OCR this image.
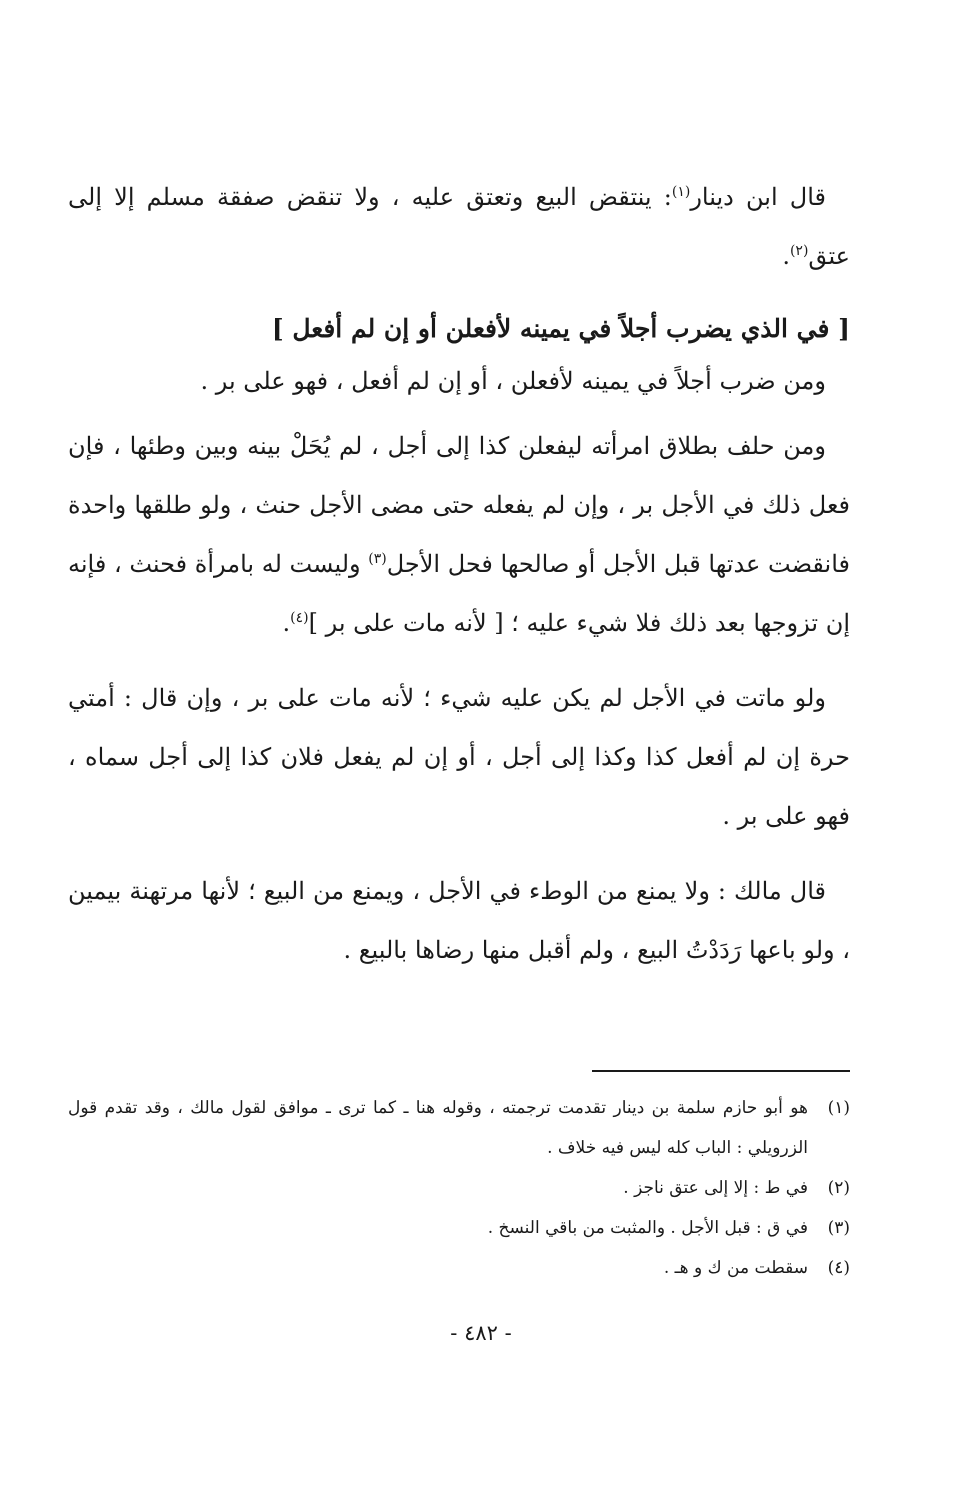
قال ابن دينار$^{(١)}$: ينتقض البيع وتعتق عليه ، ولا تنقض صفقة مسلم إلا إلى عتق$^{(٢)}$.

[ في الذي يضرب أجلاً في يمينه لأفعلن أو إن لم أفعل ]

ومن ضرب أجلاً في يمينه لأفعلن ، أو إن لم أفعل ، فهو على بر .

ومن حلف بطلاق امرأته ليفعلن كذا إلى أجل ، لم يُحَلْ بينه وبين وطئها ، فإن فعل ذلك في الأجل بر ، وإن لم يفعله حتى مضى الأجل حنث ، ولو طلقها واحدة فانقضت عدتها قبل الأجل أو صالحها فحل الأجل$^{(٣)}$ وليست له بامرأة فحنث ، فإنه إن تزوجها بعد ذلك فلا شيء عليه ؛ [ لأنه مات على بر ]$^{(٤)}$.

ولو ماتت في الأجل لم يكن عليه شيء ؛ لأنه مات على بر ، وإن قال : أمتي حرة إن لم أفعل كذا وكذا إلى أجل ، أو إن لم يفعل فلان كذا إلى أجل سماه ، فهو على بر .

قال مالك : ولا يمنع من الوطء في الأجل ، ويمنع من البيع ؛ لأنها مرتهنة بيمين ، ولو باعها رَدَدْتُ البيع ، ولم أقبل منها رضاها بالبيع .

(١)
هو أبو حازم سلمة بن دينار تقدمت ترجمته ، وقوله هنا ـ كما ترى ـ موافق لقول مالك ، وقد تقدم قول الزرويلي : الباب كله ليس فيه خلاف .

(٢)
في ط : إلا إلى عتق ناجز .

(٣)
في ق : قبل الأجل . والمثبت من باقي النسخ .

(٤)
سقطت من ك و هـ .

- ٤٨٢ -
